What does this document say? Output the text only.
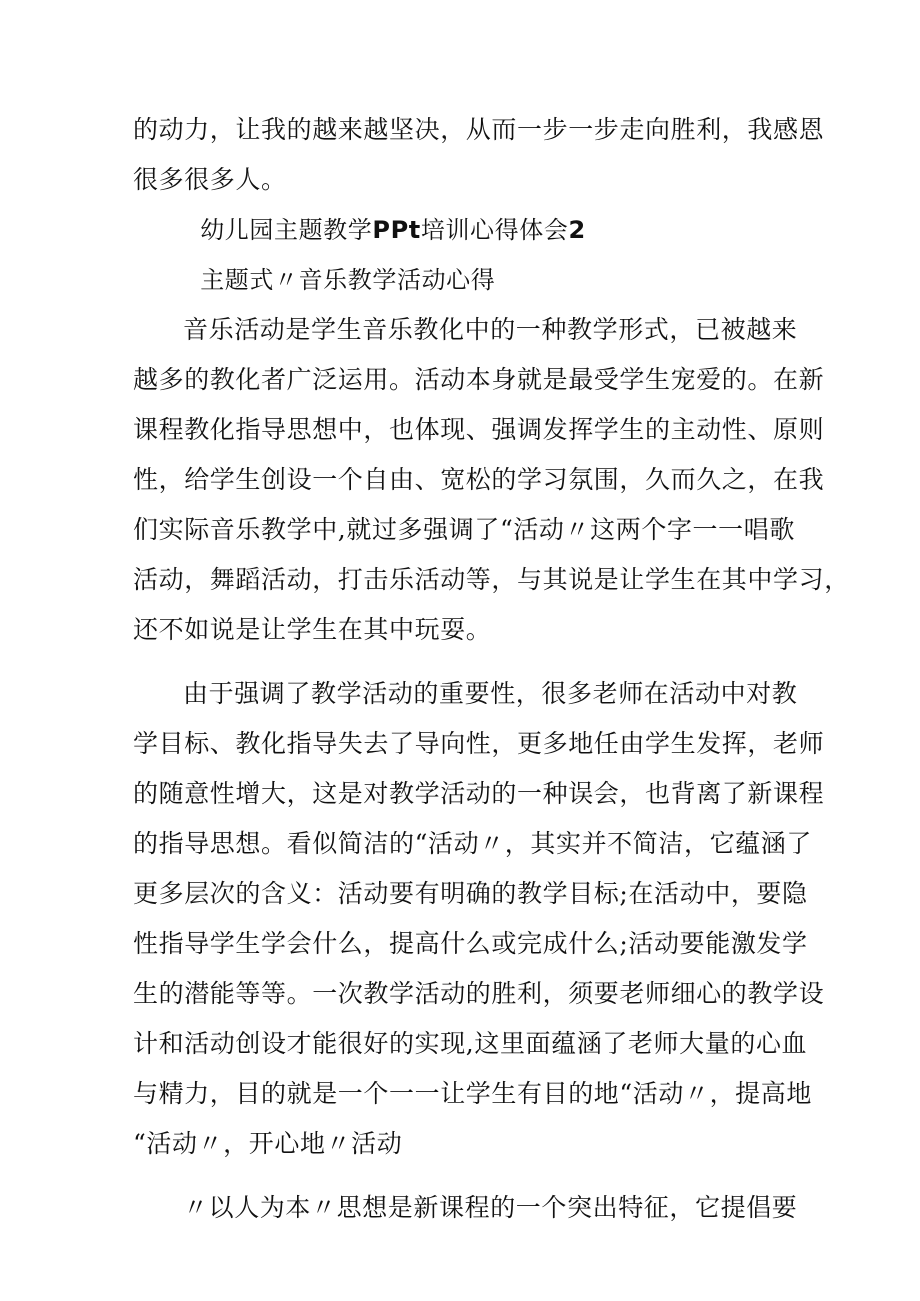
的动力，让我的越来越坚决，从而一步一步走向胜利，我感恩
很多很多人。

幼儿园主题教学PPt培训心得体会2

主题式〃音乐教学活动心得

音乐活动是学生音乐教化中的一种教学形式，已被越来
越多的教化者广泛运用。活动本身就是最受学生宠爱的。在新
课程教化指导思想中，也体现、强调发挥学生的主动性、原则
性，给学生创设一个自由、宽松的学习氛围，久而久之，在我
们实际音乐教学中,就过多强调了“活动〃这两个字一一唱歌
活动，舞蹈活动，打击乐活动等，与其说是让学生在其中学习，
还不如说是让学生在其中玩耍。

由于强调了教学活动的重要性，很多老师在活动中对教
学目标、教化指导失去了导向性，更多地任由学生发挥，老师
的随意性增大，这是对教学活动的一种误会，也背离了新课程
的指导思想。看似简洁的“活动〃，其实并不简洁，它蕴涵了
更多层次的含义：活动要有明确的教学目标;在活动中，要隐
性指导学生学会什么，提高什么或完成什么;活动要能激发学
生的潜能等等。一次教学活动的胜利，须要老师细心的教学设
计和活动创设才能很好的实现,这里面蕴涵了老师大量的心血
与精力，目的就是一个一一让学生有目的地“活动〃，提高地
“活动〃，开心地〃活动

〃以人为本〃思想是新课程的一个突出特征，它提倡要
